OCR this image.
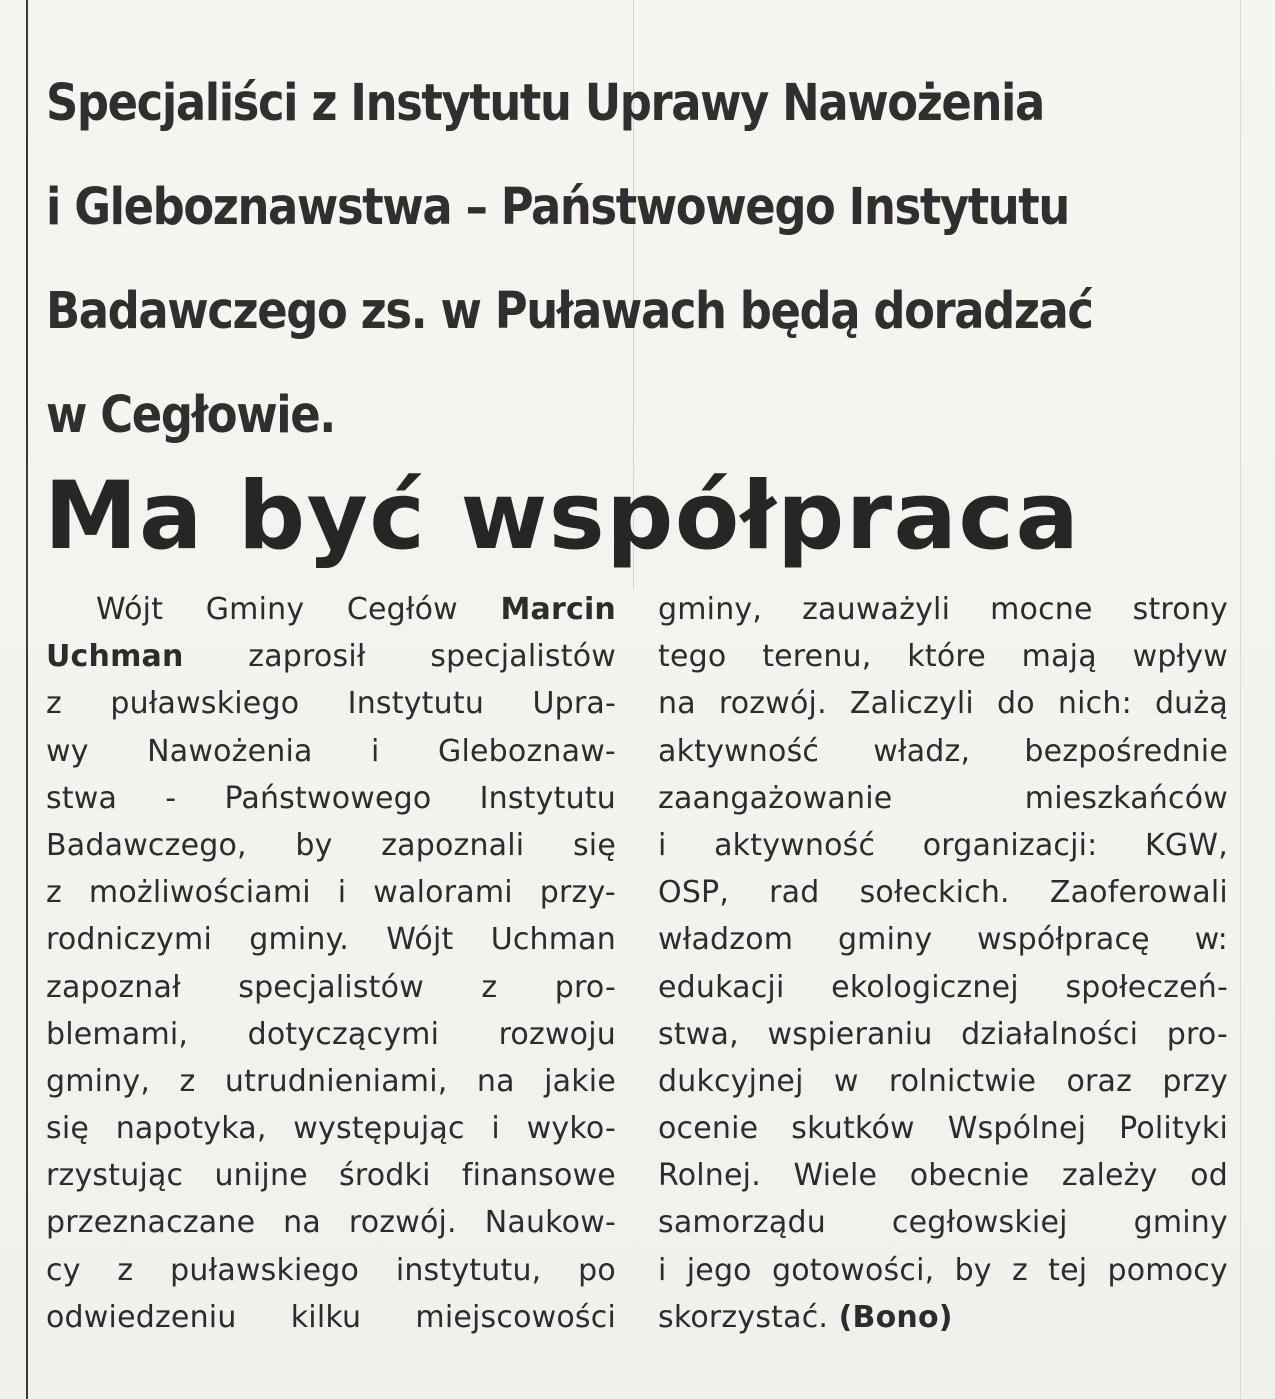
Specjaliści z Instytutu Uprawy Nawożenia
i Gleboznawstwa – Państwowego Instytutu
Badawczego zs. w Puławach będą doradzać
w Cegłowie.
Ma być współpraca
Wójt Gminy Cegłów Marcin
Uchman zaprosił specjalistów
z puławskiego Instytutu Upra-
wy Nawożenia i Gleboznaw-
stwa - Państwowego Instytutu
Badawczego, by zapoznali się
z możliwościami i walorami przy-
rodniczymi gminy. Wójt Uchman
zapoznał specjalistów z pro-
blemami, dotyczącymi rozwoju
gminy, z utrudnieniami, na jakie
się napotyka, występując i wyko-
rzystując unijne środki finansowe
przeznaczane na rozwój. Naukow-
cy z puławskiego instytutu, po
odwiedzeniu kilku miejscowości
gminy, zauważyli mocne strony
tego terenu, które mają wpływ
na rozwój. Zaliczyli do nich: dużą
aktywność władz, bezpośrednie
zaangażowanie	mieszkańców
i aktywność organizacji: KGW,
OSP, rad sołeckich. Zaoferowali
władzom gminy współpracę w:
edukacji ekologicznej społeczeń-
stwa, wspieraniu działalności pro-
dukcyjnej w rolnictwie oraz przy
ocenie skutków Wspólnej Polityki
Rolnej. Wiele obecnie zależy od
samorządu cegłowskiej gminy
i jego gotowości, by z tej pomocy
skorzystać. (Bono)
